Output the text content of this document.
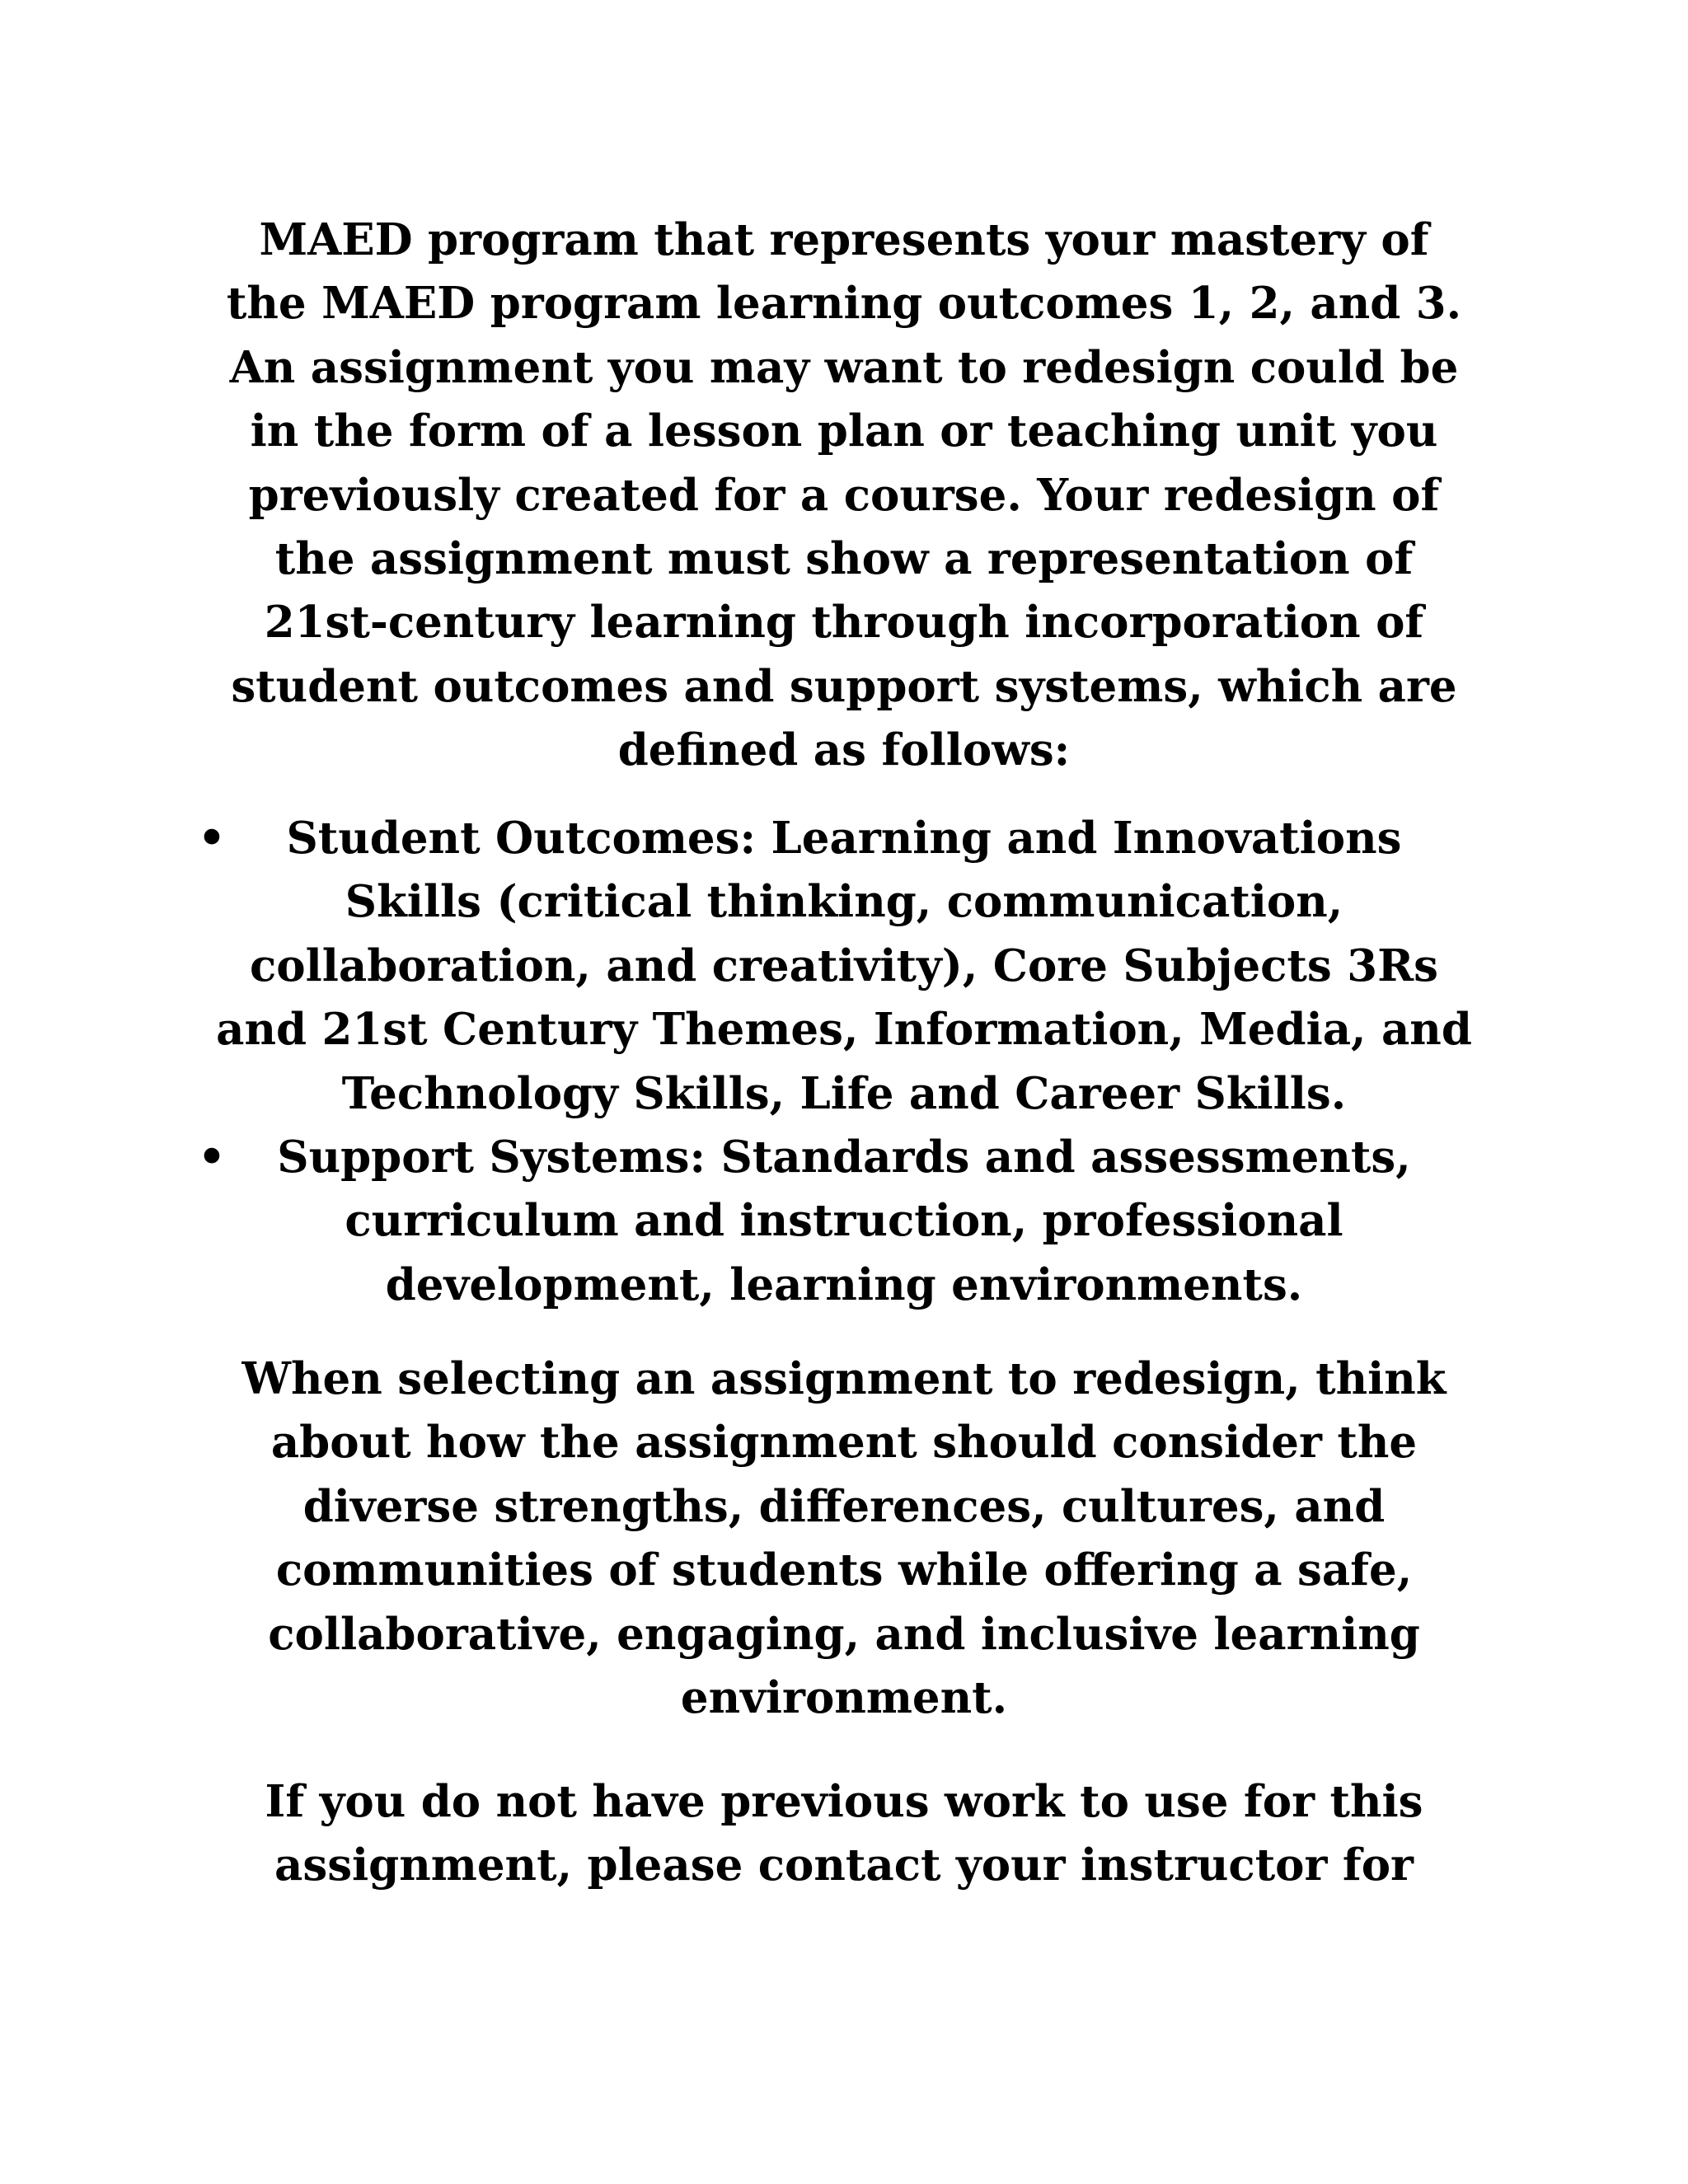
MAED program that represents your mastery of
the MAED program learning outcomes 1, 2, and 3.
An assignment you may want to redesign could be
in the form of a lesson plan or teaching unit you
previously created for a course. Your redesign of
the assignment must show a representation of
21st-century learning through incorporation of
student outcomes and support systems, which are
defined as follows:

•	Student Outcomes: Learning and Innovations
Skills (critical thinking, communication,
collaboration, and creativity), Core Subjects 3Rs
and 21st Century Themes, Information, Media, and
Technology Skills, Life and Career Skills.
•	Support Systems: Standards and assessments,
curriculum and instruction, professional
development, learning environments.

When selecting an assignment to redesign, think
about how the assignment should consider the
diverse strengths, differences, cultures, and
communities of students while offering a safe,
collaborative, engaging, and inclusive learning
environment.

If you do not have previous work to use for this
assignment, please contact your instructor for
